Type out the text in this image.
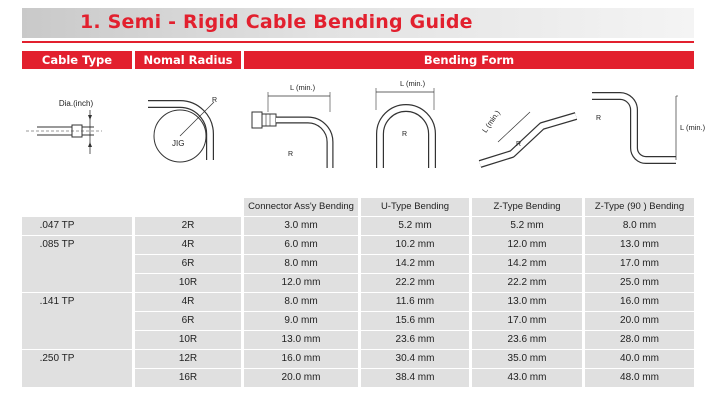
1. Semi - Rigid Cable Bending Guide
Cable Type	Nomal Radius	Bending Form
Dia.(inch)
JIG
R
L (min.)
R
L (min.)
R
L (min.)
R
R
L (min.)
Connector Ass'y Bending	U-Type Bending	Z-Type Bending	Z-Type (90 ) Bending
.047 TP	2R	3.0 mm	5.2 mm	5.2 mm	8.0 mm
.085 TP	4R	6.0 mm	10.2 mm	12.0 mm	13.0 mm
6R	8.0 mm	14.2 mm	14.2 mm	17.0 mm
10R	12.0 mm	22.2 mm	22.2 mm	25.0 mm
.141 TP	4R	8.0 mm	11.6 mm	13.0 mm	16.0 mm
6R	9.0 mm	15.6 mm	17.0 mm	20.0 mm
10R	13.0 mm	23.6 mm	23.6 mm	28.0 mm
.250 TP	12R	16.0 mm	30.4 mm	35.0 mm	40.0 mm
16R	20.0 mm	38.4 mm	43.0 mm	48.0 mm
